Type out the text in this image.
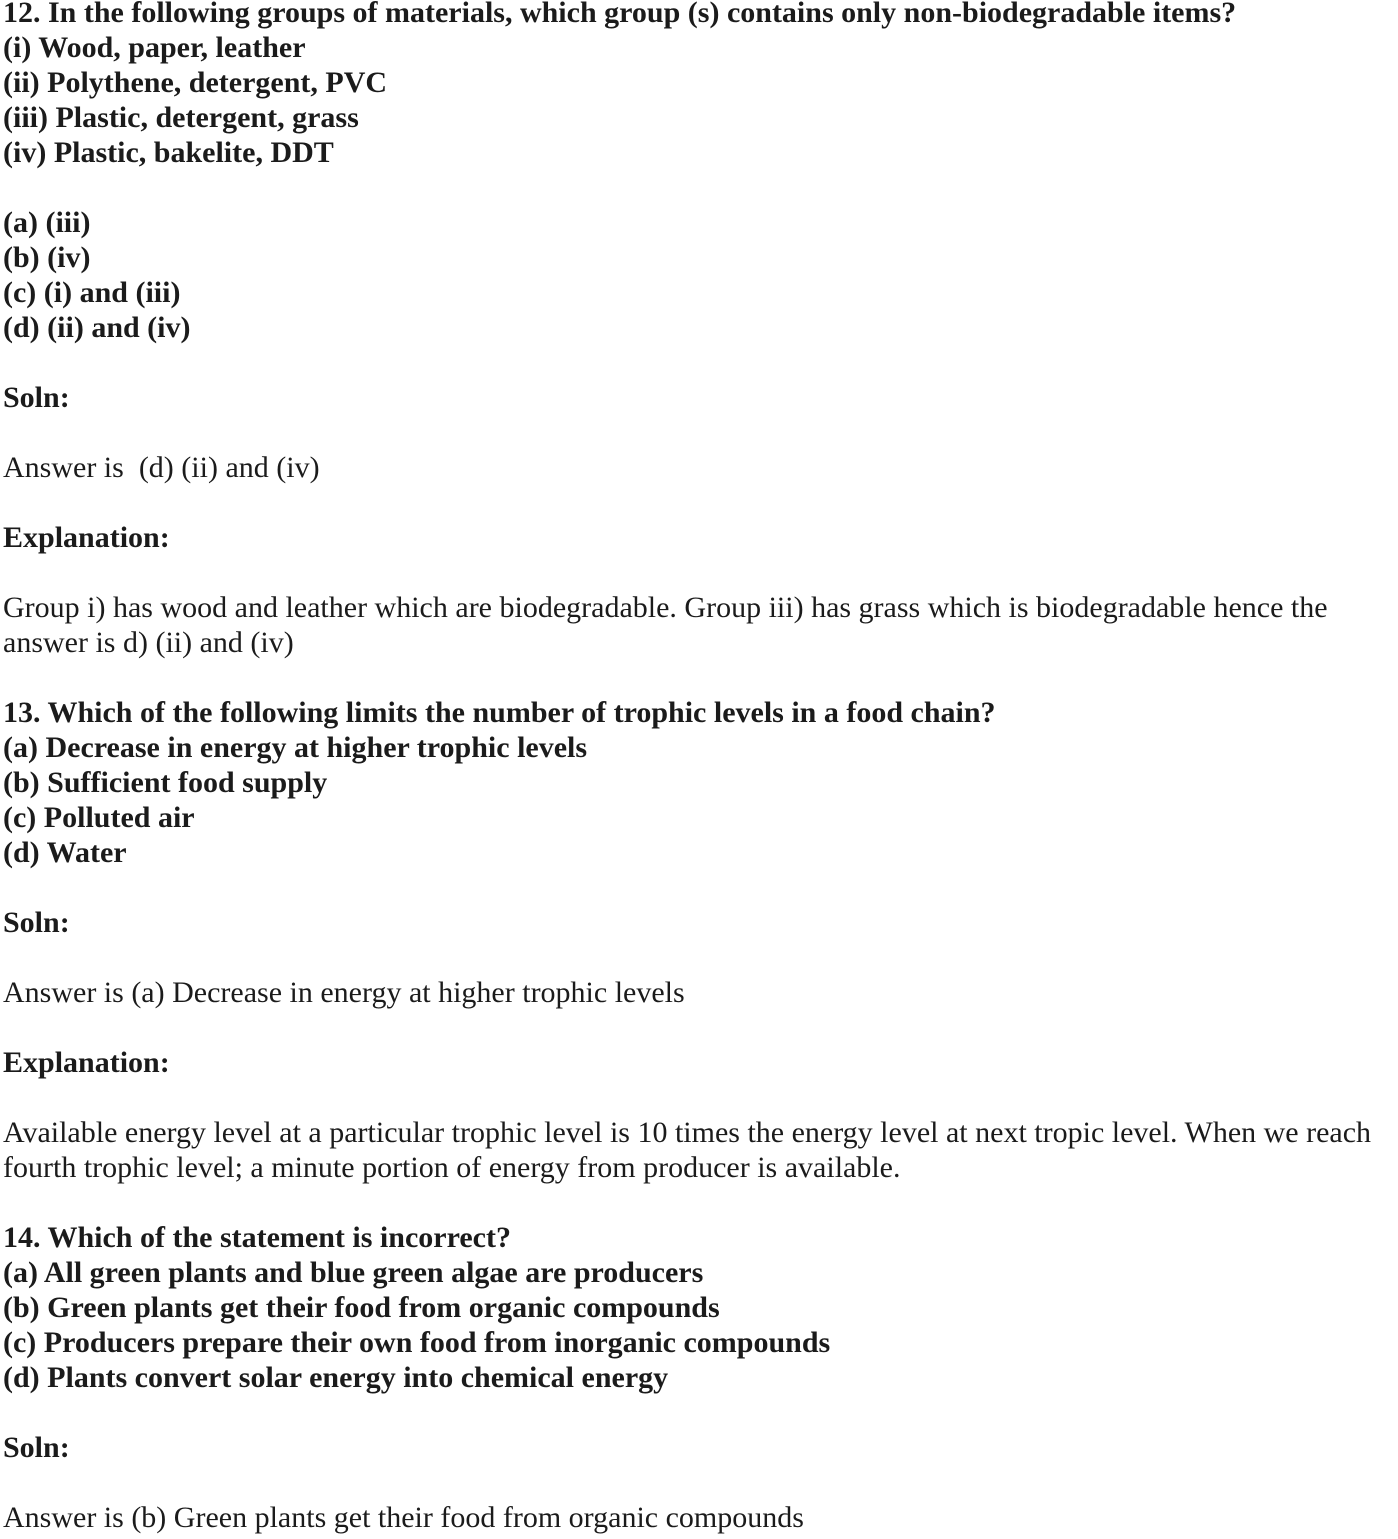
12. In the following groups of materials, which group (s) contains only non-biodegradable items?
(i) Wood, paper, leather
(ii) Polythene, detergent, PVC
(iii) Plastic, detergent, grass
(iv) Plastic, bakelite, DDT
(a) (iii)
(b) (iv)
(c) (i) and (iii)
(d) (ii) and (iv)
Soln:
Answer is  (d) (ii) and (iv)
Explanation:
Group i) has wood and leather which are biodegradable. Group iii) has grass which is biodegradable hence the answer is d) (ii) and (iv)
13. Which of the following limits the number of trophic levels in a food chain?
(a) Decrease in energy at higher trophic levels
(b) Sufficient food supply
(c) Polluted air
(d) Water
Soln:
Answer is (a) Decrease in energy at higher trophic levels
Explanation:
Available energy level at a particular trophic level is 10 times the energy level at next tropic level. When we reach fourth trophic level; a minute portion of energy from producer is available.
14. Which of the statement is incorrect?
(a) All green plants and blue green algae are producers
(b) Green plants get their food from organic compounds
(c) Producers prepare their own food from inorganic compounds
(d) Plants convert solar energy into chemical energy
Soln:
Answer is (b) Green plants get their food from organic compounds
